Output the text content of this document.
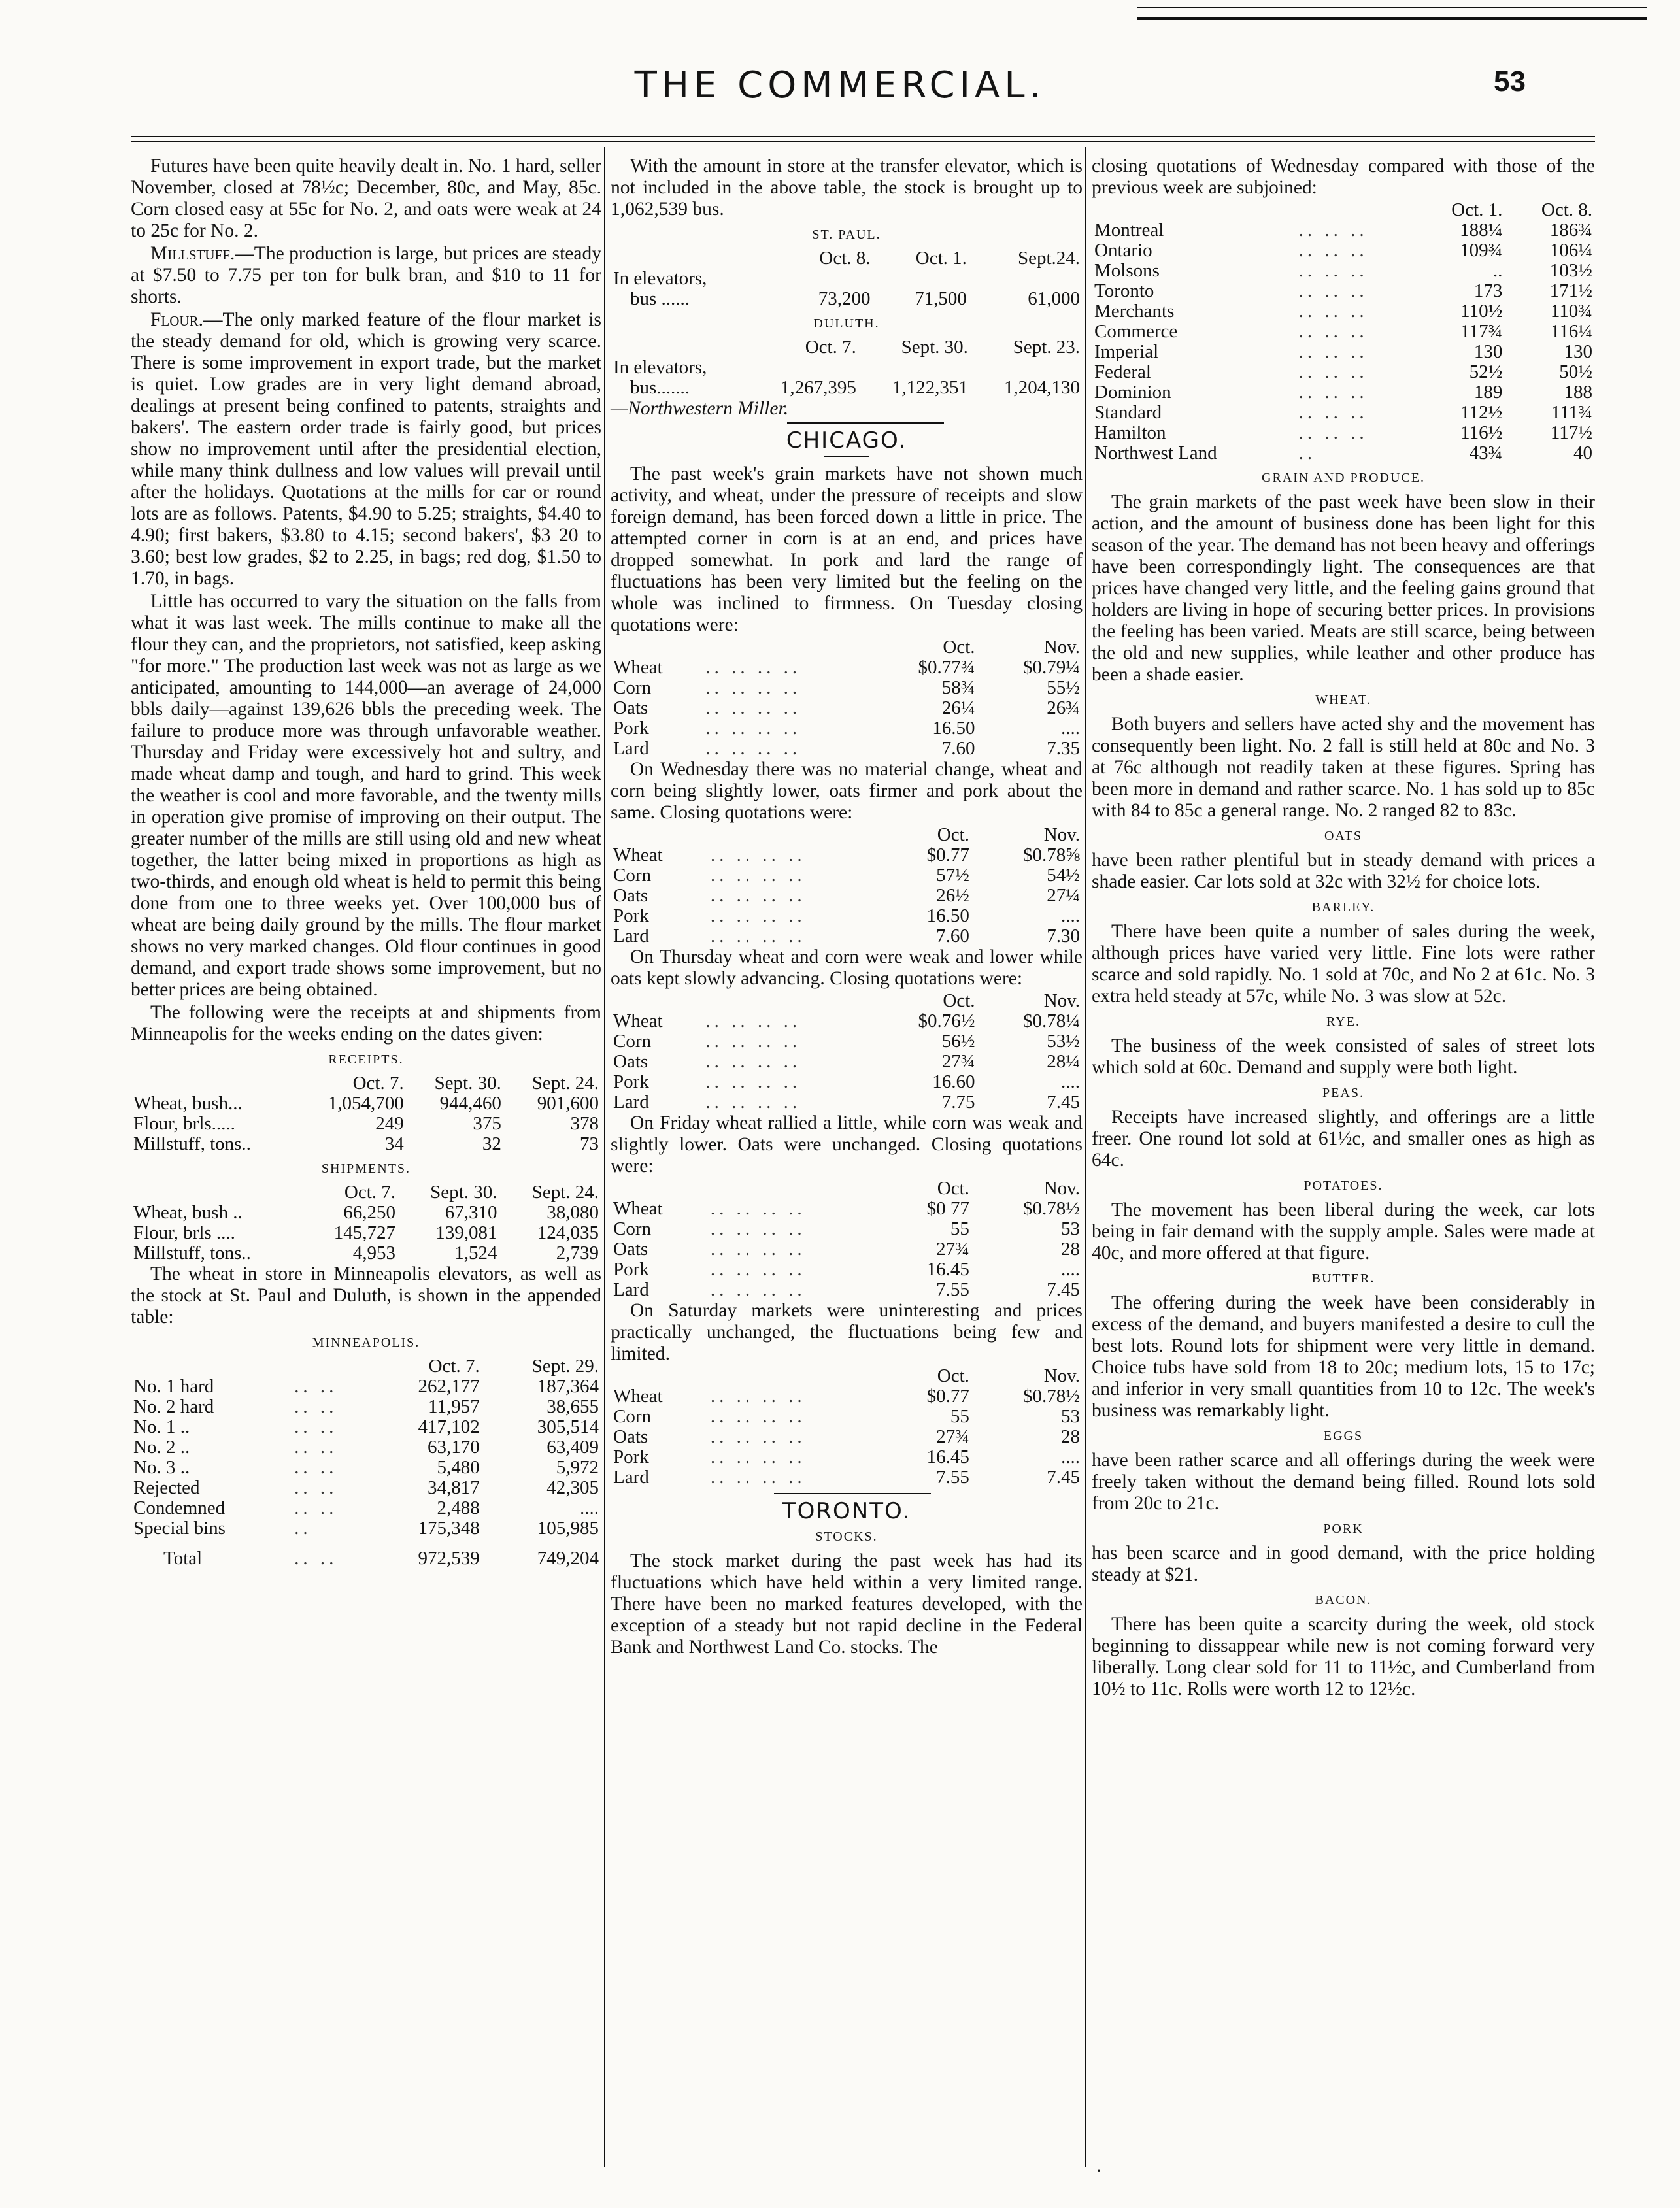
THE COMMERCIAL.	53

Futures have been quite heavily dealt in. No. 1 hard, seller November, closed at 78½c; December, 80c, and May, 85c. Corn closed easy at 55c for No. 2, and oats were weak at 24 to 25c for No. 2.

Millstuff.—The production is large, but prices are steady at $7.50 to 7.75 per ton for bulk bran, and $10 to 11 for shorts.

Flour.—The only marked feature of the flour market is the steady demand for old, which is growing very scarce. There is some improvement in export trade, but the market is quiet. Low grades are in very light demand abroad, dealings at present being confined to patents, straights and bakers'. The eastern order trade is fairly good, but prices show no improvement until after the presidential election, while many think dullness and low values will prevail until after the holidays. Quotations at the mills for car or round lots are as follows. Patents, $4.90 to 5.25; straights, $4.40 to 4.90; first bakers, $3.80 to 4.15; second bakers', $3 20 to 3.60; best low grades, $2 to 2.25, in bags; red dog, $1.50 to 1.70, in bags.

Little has occurred to vary the situation on the falls from what it was last week. The mills continue to make all the flour they can, and the proprietors, not satisfied, keep asking "for more." The production last week was not as large as we anticipated, amounting to 144,000—an average of 24,000 bbls daily—against 139,626 bbls the preceding week. The failure to produce more was through unfavorable weather. Thursday and Friday were excessively hot and sultry, and made wheat damp and tough, and hard to grind. This week the weather is cool and more favorable, and the twenty mills in operation give promise of improving on their output. The greater number of the mills are still using old and new wheat together, the latter being mixed in proportions as high as two-thirds, and enough old wheat is held to permit this being done from one to three weeks yet. Over 100,000 bus of wheat are being daily ground by the mills. The flour market shows no very marked changes. Old flour continues in good demand, and export trade shows some improvement, but no better prices are being obtained.

The following were the receipts at and shipments from Minneapolis for the weeks ending on the dates given:

RECEIPTS.
	Oct. 7.	Sept. 30.	Sept. 24.
Wheat, bush...	1,054,700	944,460	901,600
Flour, brls.....	249	375	378
Millstuff, tons..	34	32	73
SHIPMENTS.
	Oct. 7.	Sept. 30.	Sept. 24.
Wheat, bush ..	66,250	67,310	38,080
Flour, brls ....	145,727	139,081	124,035
Millstuff, tons..	4,953	1,524	2,739

The wheat in store in Minneapolis elevators, as well as the stock at St. Paul and Duluth, is shown in the appended table:

MINNEAPOLIS.
		Oct. 7.	Sept. 29.
No. 1 hard	.. ..	262,177	187,364
No. 2 hard	.. ..	11,957	38,655
No. 1 ..	.. ..	417,102	305,514
No. 2 ..	.. ..	63,170	63,409
No. 3 ..	.. ..	5,480	5,972
Rejected	.. ..	34,817	42,305
Condemned	.. ..	2,488	....
Special bins	..	175,348	105,985
Total	.. ..	972,539	749,204

With the amount in store at the transfer elevator, which is not included in the above table, the stock is brought up to 1,062,539 bus.

ST. PAUL.
	Oct. 8.	Oct. 1.	Sept.24.
In elevators,			
bus ......	73,200	71,500	61,000
DULUTH.
	Oct. 7.	Sept. 30.	Sept. 23.
In elevators,			
bus.......	1,267,395	1,122,351	1,204,130

—Northwestern Miller.

CHICAGO.

The past week's grain markets have not shown much activity, and wheat, under the pressure of receipts and slow foreign demand, has been forced down a little in price. The attempted corner in corn is at an end, and prices have dropped somewhat. In pork and lard the range of fluctuations has been very limited but the feeling on the whole was inclined to firmness. On Tuesday closing quotations were:

		Oct.	Nov.
Wheat	.. .. .. ..	$0.77¾	$0.79¼
Corn	.. .. .. ..	58¾	55½
Oats	.. .. .. ..	26¼	26¾
Pork	.. .. .. ..	16.50	....
Lard	.. .. .. ..	7.60	7.35

On Wednesday there was no material change, wheat and corn being slightly lower, oats firmer and pork about the same. Closing quotations were:

		Oct.	Nov.
Wheat	.. .. .. ..	$0.77	$0.78⅝
Corn	.. .. .. ..	57½	54½
Oats	.. .. .. ..	26½	27¼
Pork	.. .. .. ..	16.50	....
Lard	.. .. .. ..	7.60	7.30

On Thursday wheat and corn were weak and lower while oats kept slowly advancing. Closing quotations were:

		Oct.	Nov.
Wheat	.. .. .. ..	$0.76½	$0.78¼
Corn	.. .. .. ..	56½	53½
Oats	.. .. .. ..	27¾	28¼
Pork	.. .. .. ..	16.60	....
Lard	.. .. .. ..	7.75	7.45

On Friday wheat rallied a little, while corn was weak and slightly lower. Oats were unchanged. Closing quotations were:

		Oct.	Nov.
Wheat	.. .. .. ..	$0 77	$0.78½
Corn	.. .. .. ..	55	53
Oats	.. .. .. ..	27¾	28
Pork	.. .. .. ..	16.45	....
Lard	.. .. .. ..	7.55	7.45

On Saturday markets were uninteresting and prices practically unchanged, the fluctuations being few and limited.

		Oct.	Nov.
Wheat	.. .. .. ..	$0.77	$0.78½
Corn	.. .. .. ..	55	53
Oats	.. .. .. ..	27¾	28
Pork	.. .. .. ..	16.45	....
Lard	.. .. .. ..	7.55	7.45
TORONTO.
STOCKS.

The stock market during the past week has had its fluctuations which have held within a very limited range. There have been no marked features developed, with the exception of a steady but not rapid decline in the Federal Bank and Northwest Land Co. stocks. The

closing quotations of Wednesday compared with those of the previous week are subjoined:

		Oct. 1.	Oct. 8.
Montreal	.. .. ..	188¼	186¾
Ontario	.. .. ..	109¾	106¼
Molsons	.. .. ..	..	103½
Toronto	.. .. ..	173	171½
Merchants	.. .. ..	110½	110¾
Commerce	.. .. ..	117¾	116¼
Imperial	.. .. ..	130	130
Federal	.. .. ..	52½	50½
Dominion	.. .. ..	189	188
Standard	.. .. ..	112½	111¾
Hamilton	.. .. ..	116½	117½
Northwest Land	..	43¾	40
GRAIN AND PRODUCE.

The grain markets of the past week have been slow in their action, and the amount of business done has been light for this season of the year. The demand has not been heavy and offerings have been correspondingly light. The consequences are that prices have changed very little, and the feeling gains ground that holders are living in hope of securing better prices. In provisions the feeling has been varied. Meats are still scarce, being between the old and new supplies, while leather and other produce has been a shade easier.

WHEAT.

Both buyers and sellers have acted shy and the movement has consequently been light. No. 2 fall is still held at 80c and No. 3 at 76c although not readily taken at these figures. Spring has been more in demand and rather scarce. No. 1 has sold up to 85c with 84 to 85c a general range. No. 2 ranged 82 to 83c.

OATS

have been rather plentiful but in steady demand with prices a shade easier. Car lots sold at 32c with 32½ for choice lots.

BARLEY.

There have been quite a number of sales during the week, although prices have varied very little. Fine lots were rather scarce and sold rapidly. No. 1 sold at 70c, and No 2 at 61c. No. 3 extra held steady at 57c, while No. 3 was slow at 52c.

RYE.

The business of the week consisted of sales of street lots which sold at 60c. Demand and supply were both light.

PEAS.

Receipts have increased slightly, and offerings are a little freer. One round lot sold at 61½c, and smaller ones as high as 64c.

POTATOES.

The movement has been liberal during the week, car lots being in fair demand with the supply ample. Sales were made at 40c, and more offered at that figure.

BUTTER.

The offering during the week have been considerably in excess of the demand, and buyers manifested a desire to cull the best lots. Round lots for shipment were very little in demand. Choice tubs have sold from 18 to 20c; medium lots, 15 to 17c; and inferior in very small quantities from 10 to 12c. The week's business was remarkably light.

EGGS

have been rather scarce and all offerings during the week were freely taken without the demand being filled. Round lots sold from 20c to 21c.

PORK

has been scarce and in good demand, with the price holding steady at $21.

BACON.

There has been quite a scarcity during the week, old stock beginning to dissappear while new is not coming forward very liberally. Long clear sold for 11 to 11½c, and Cumberland from 10½ to 11c. Rolls were worth 12 to 12½c.

·
